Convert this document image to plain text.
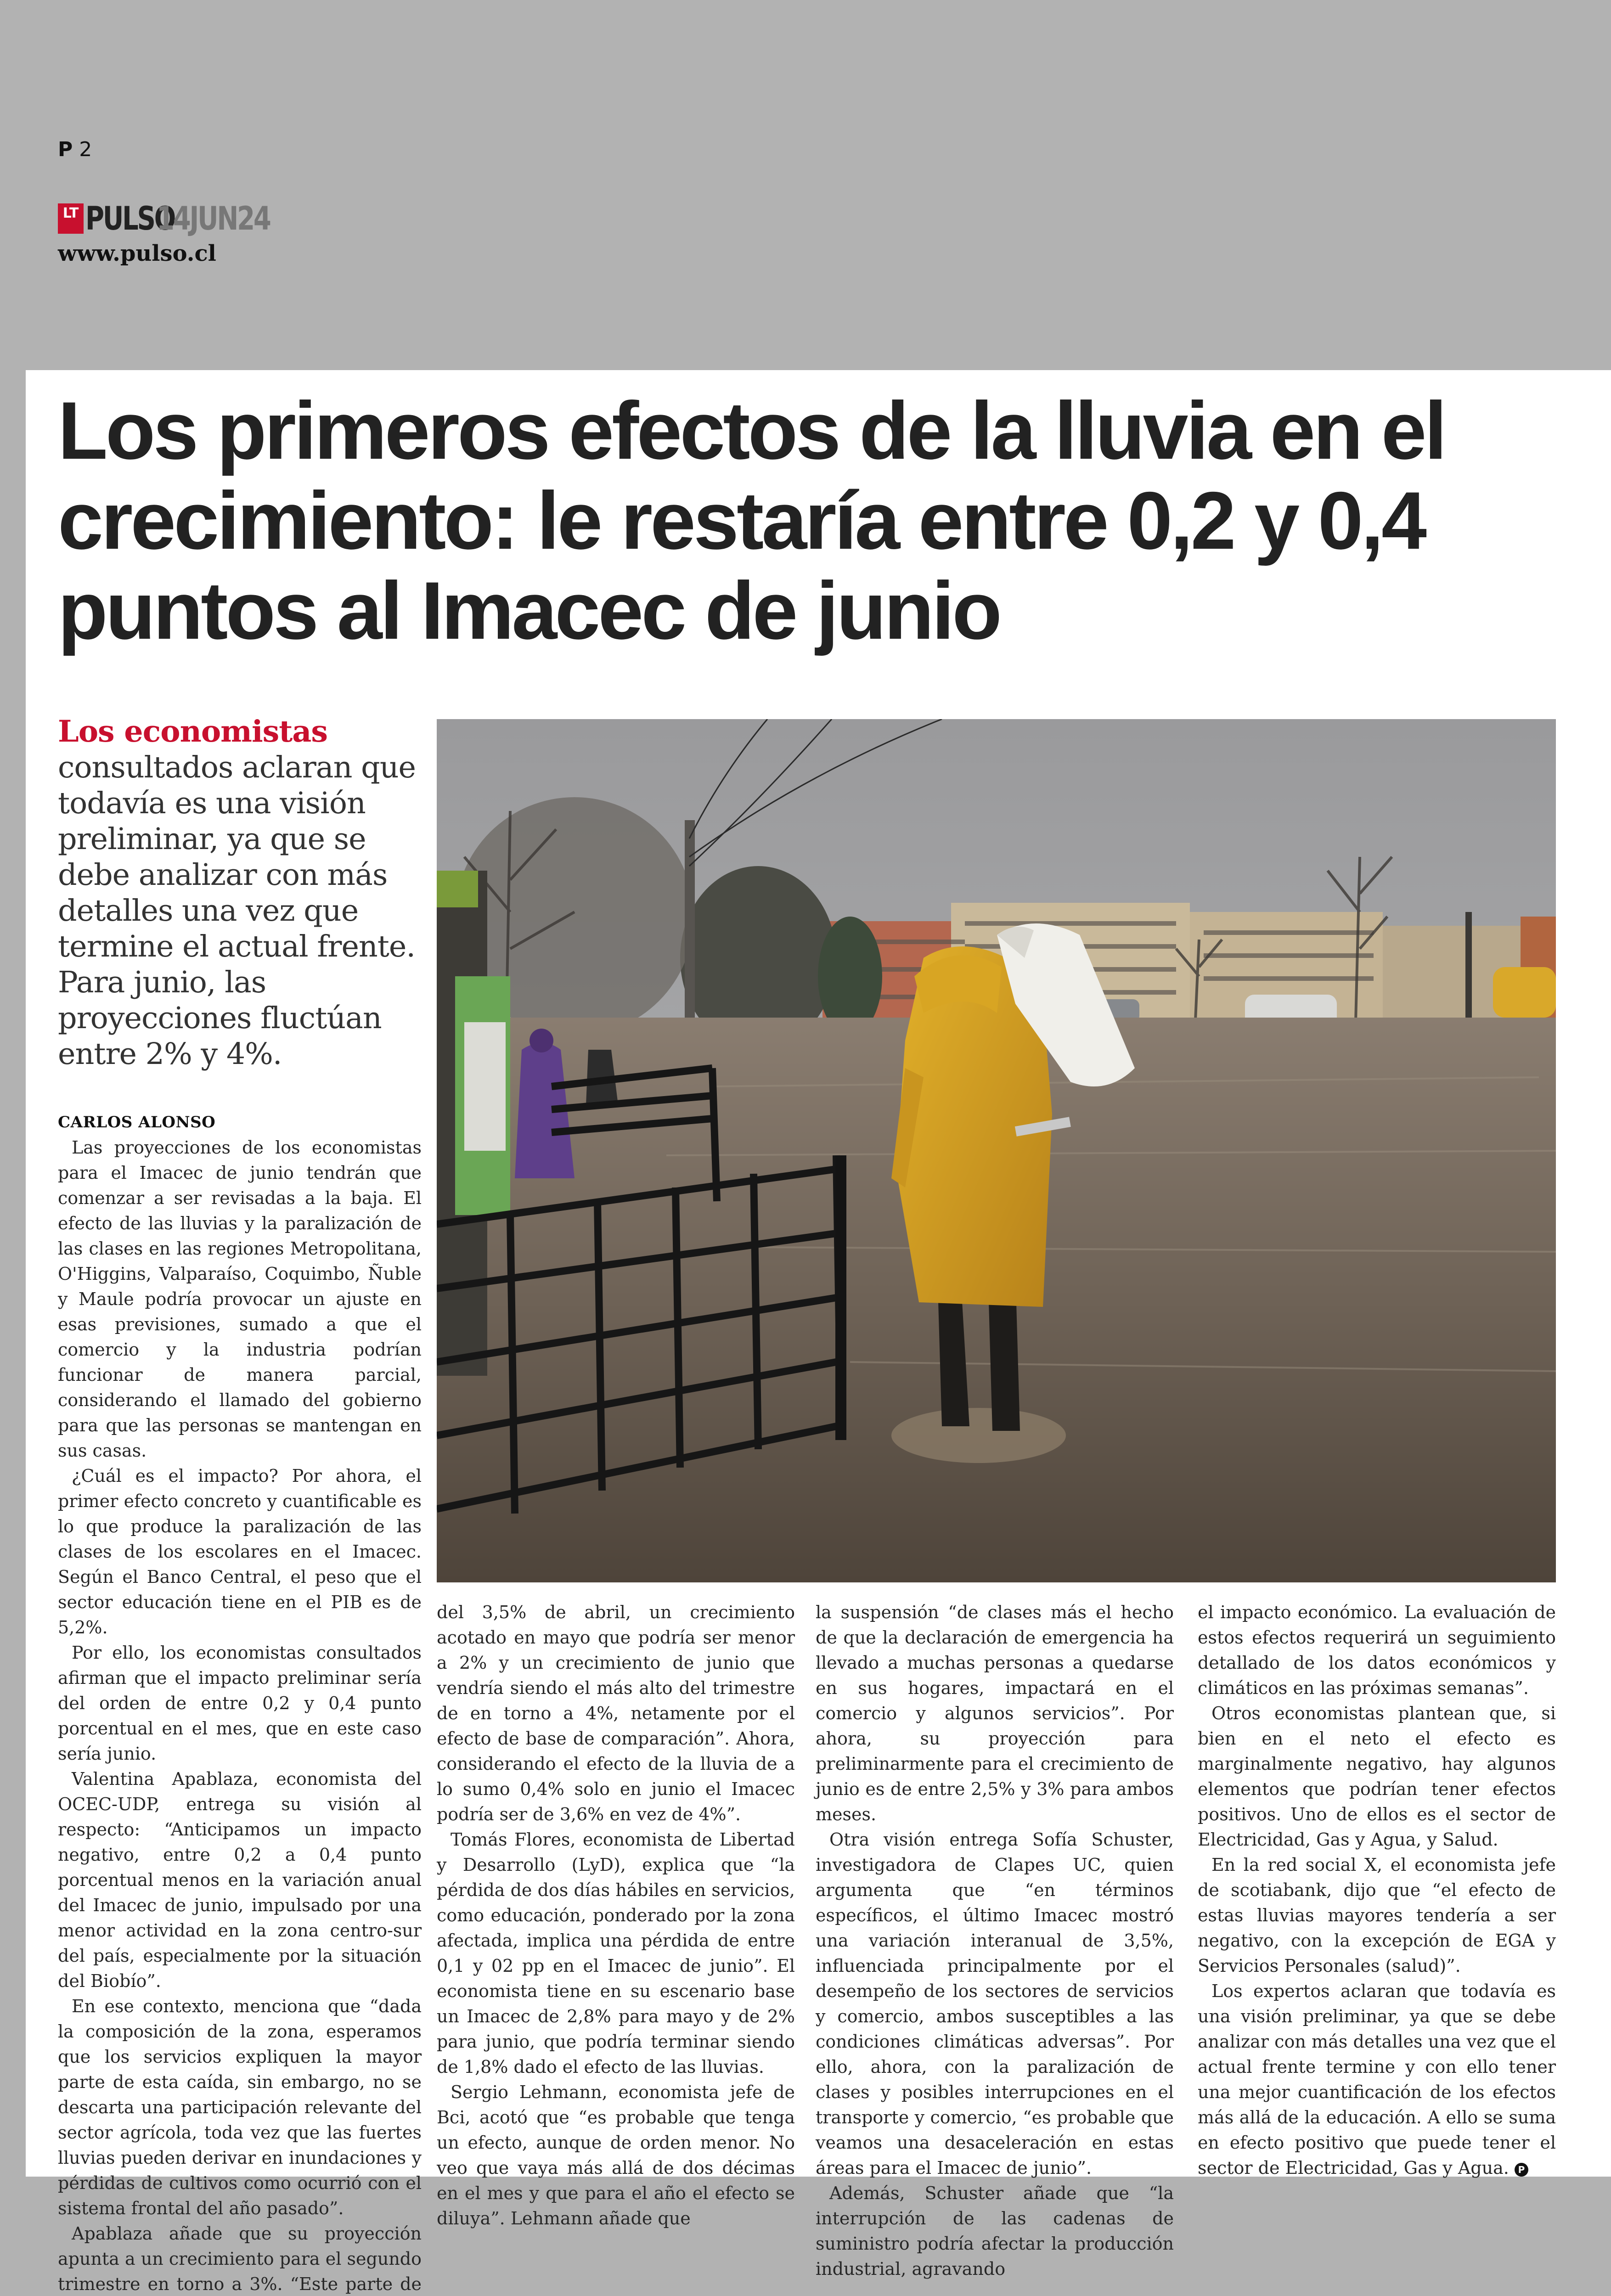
P 2
LT PULSO
14JUN24
www.pulso.cl
Los primeros efectos de la lluvia en el crecimiento: le restaría entre 0,2 y 0,4 puntos al Imacec de junio
Los economistas
consultados aclaran que todavía es una visión preliminar, ya que se debe analizar con más detalles una vez que termine el actual frente. Para junio, las proyecciones fluctúan entre 2% y 4%.
CARLOS ALONSO

Las proyecciones de los economistas para el Imacec de junio tendrán que comenzar a ser revisadas a la baja. El efecto de las lluvias y la paralización de las clases en las regiones Metropolitana, O'Higgins, Valparaíso, Coquimbo, Ñuble y Maule podría provocar un ajuste en esas previsiones, sumado a que el comercio y la industria podrían funcionar de manera parcial, considerando el llamado del gobierno para que las personas se mantengan en sus casas.

¿Cuál es el impacto? Por ahora, el primer efecto concreto y cuantificable es lo que produce la paralización de las clases de los escolares en el Imacec. Según el Banco Central, el peso que el sector educación tiene en el PIB es de 5,2%.

Por ello, los economistas consultados afirman que el impacto preliminar sería del orden de entre 0,2 y 0,4 punto porcentual en el mes, que en este caso sería junio.

Valentina Apablaza, economista del OCEC-UDP, entrega su visión al respecto: “Anticipamos un impacto negativo, entre 0,2 a 0,4 punto porcentual menos en la variación anual del Imacec de junio, impulsado por una menor actividad en la zona centro-sur del país, especialmente por la situación del Biobío”.

En ese contexto, menciona que “dada la composición de la zona, esperamos que los servicios expliquen la mayor parte de esta caída, sin embargo, no se descarta una participación relevante del sector agrícola, toda vez que las fuertes lluvias pueden derivar en inundaciones y pérdidas de cultivos como ocurrió con el sistema frontal del año pasado”.

Apablaza añade que su proyección apunta a un crecimiento para el segundo trimestre en torno a 3%. “Este parte de

del 3,5% de abril, un crecimiento acotado en mayo que podría ser menor a 2% y un crecimiento de junio que vendría siendo el más alto del trimestre de en torno a 4%, netamente por el efecto de base de comparación”. Ahora, considerando el efecto de la lluvia de a lo sumo 0,4% solo en junio el Imacec podría ser de 3,6% en vez de 4%”.

Tomás Flores, economista de Libertad y Desarrollo (LyD), explica que “la pérdida de dos días hábiles en servicios, como educación, ponderado por la zona afectada, implica una pérdida de entre 0,1 y 02 pp en el Imacec de junio”. El economista tiene en su escenario base un Imacec de 2,8% para mayo y de 2% para junio, que podría terminar siendo de 1,8% dado el efecto de las lluvias.

Sergio Lehmann, economista jefe de Bci, acotó que “es probable que tenga un efecto, aunque de orden menor. No veo que vaya más allá de dos décimas en el mes y que para el año el efecto se diluya”. Lehmann añade que

la suspensión “de clases más el hecho de que la declaración de emergencia ha llevado a muchas personas a quedarse en sus hogares, impactará en el comercio y algunos servicios”. Por ahora, su proyección para preliminarmente para el crecimiento de junio es de entre 2,5% y 3% para ambos meses.

Otra visión entrega Sofía Schuster, investigadora de Clapes UC, quien argumenta que “en términos específicos, el último Imacec mostró una variación interanual de 3,5%, influenciada principalmente por el desempeño de los sectores de servicios y comercio, ambos susceptibles a las condiciones climáticas adversas”. Por ello, ahora, con la paralización de clases y posibles interrupciones en el transporte y comercio, “es probable que veamos una desaceleración en estas áreas para el Imacec de junio”.

Además, Schuster añade que “la interrupción de las cadenas de suministro podría afectar la producción industrial, agravando

el impacto económico. La evaluación de estos efectos requerirá un seguimiento detallado de los datos económicos y climáticos en las próximas semanas”.

Otros economistas plantean que, si bien en el neto el efecto es marginalmente negativo, hay algunos elementos que podrían tener efectos positivos. Uno de ellos es el sector de Electricidad, Gas y Agua, y Salud.

En la red social X, el economista jefe de scotiabank, dijo que “el efecto de estas lluvias mayores tendería a ser negativo, con la excepción de EGA y Servicios Personales (salud)”.

Los expertos aclaran que todavía es una visión preliminar, ya que se debe analizar con más detalles una vez que el actual frente termine y con ello tener una mejor cuantificación de los efectos más allá de la educación. A ello se suma en efecto positivo que puede tener el sector de Electricidad, Gas y Agua. P
